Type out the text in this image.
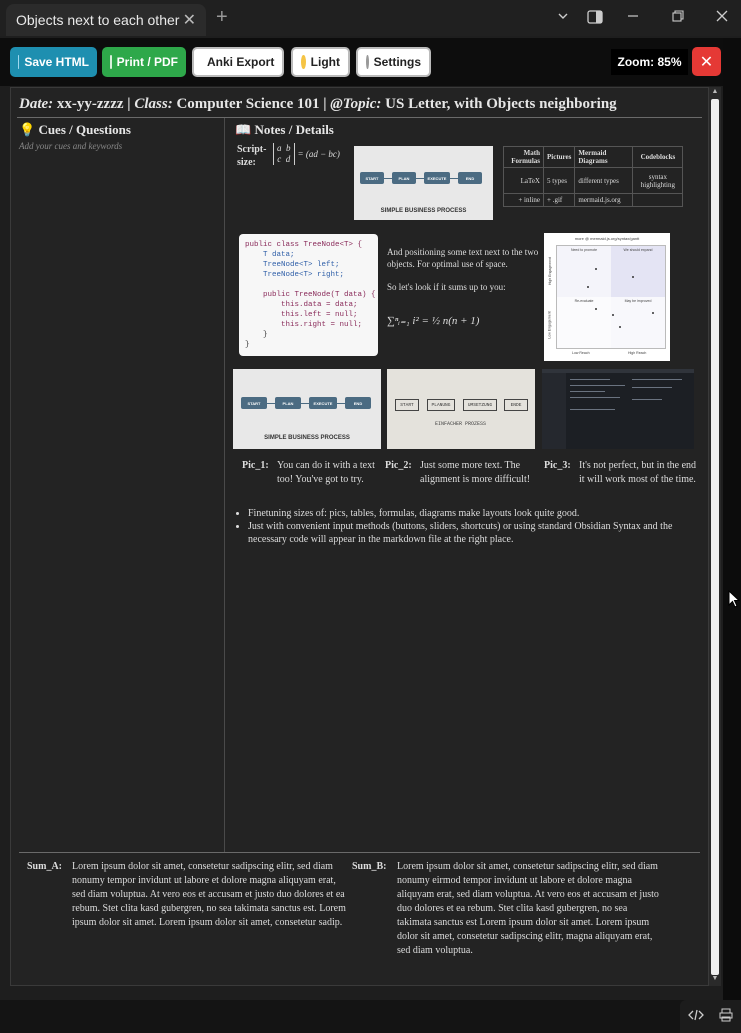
Objects next to each other ✕ +
Save HTML Print / PDF Anki Export	Light	Settings	Zoom: 85%	✕
Date: xx-yy-zzzz | Class: Computer Science 101 | @Topic: US Letter, with Objects neighboring
💡 Cues / Questions
Add your cues and keywords
📖 Notes / Details
Script-size:
a b
c d = (ad − bc)
START	PLAN	EXECUTE	END
SIMPLE BUSINESS PROCESS
Math Formulas	Pictures	Mermaid Diagrams	Codeblocks
LaTeX	5 types	different types	syntax highlighting
+ inline	+ .gif	mermaid.js.org	
public class TreeNode<T> {
T data;
TreeNode<T> left;
TreeNode<T> right;

public TreeNode(T data) {
this.data = data;
this.left = null;
this.right = null;
}
}
And positioning some text next to the two objects. For optimal use of space.
So let's look if it sums up to you:
∑ⁿᵢ₌₁ i² = ½ n(n + 1)
more @ mermaid.js.org/syntax/gantt
Need to promote	We should expand
Re-evaluate	May be improved
Low Reach	High Reach
Low Engagement
High Engagement
START	PLAN	EXECUTE	END
SIMPLE BUSINESS PROCESS
START	PLANUNG	UMSETZUNG	ENDE
EINFACHER PROZESS
Pic_1: You can do it with a text too! You've got to try.
Pic_2: Just some more text. The alignment is more difficult!
Pic_3: It's not perfect, but in the end it will work most of the time.
• Finetuning sizes of: pics, tables, formulas, diagrams make layouts look quite good.
• Just with convenient input methods (buttons, sliders, shortcuts) or using standard Obsidian Syntax and the necessary code will appear in the markdown file at the right place.
Sum_A: Lorem ipsum dolor sit amet, consetetur sadipscing elitr, sed diam nonumy tempor invidunt ut labore et dolore magna aliquyam erat, sed diam voluptua. At vero eos et accusam et justo duo dolores et ea rebum. Stet clita kasd gubergren, no sea takimata sanctus est. Lorem ipsum dolor sit amet. Lorem ipsum dolor sit amet, consetetur sadip.
Sum_B: Lorem ipsum dolor sit amet, consetetur sadipscing elitr, sed diam nonumy eirmod tempor invidunt ut labore et dolore magna aliquyam erat, sed diam voluptua. At vero eos et accusam et justo duo dolores et ea rebum. Stet clita kasd gubergren, no sea takimata sanctus est Lorem ipsum dolor sit amet. Lorem ipsum dolor sit amet, consetetur sadipscing elitr, magna aliquyam erat, sed diam voluptua.
▲
▼
